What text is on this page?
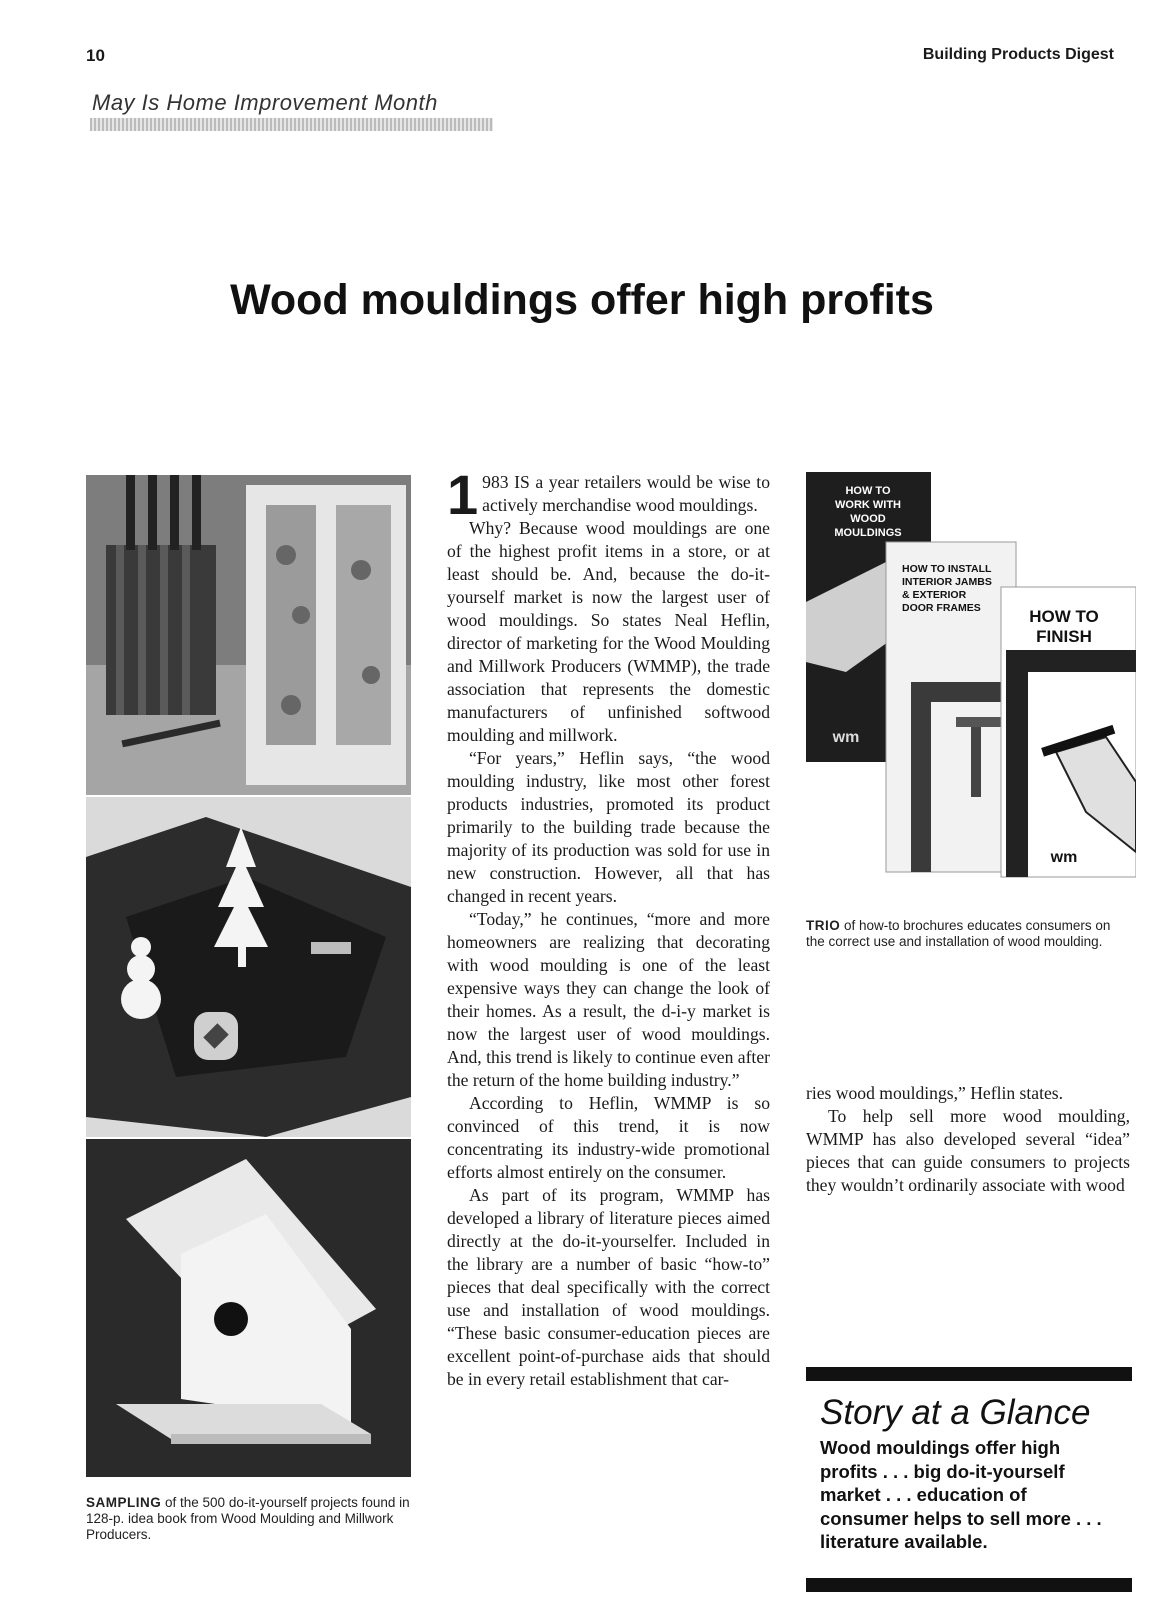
10	Building Products Digest
May Is Home Improvement Month
Wood mouldings offer high profits
SAMPLING of the 500 do-it-yourself projects found in 128-p. idea book from Wood Moulding and Millwork Producers.

1 983 IS a year retailers would be wise to actively merchandise wood mouldings.

Why? Because wood mouldings are one of the highest profit items in a store, or at least should be. And, because the do-it-yourself market is now the largest user of wood mouldings. So states Neal Heflin, director of marketing for the Wood Moulding and Millwork Producers (WMMP), the trade association that represents the domestic manufacturers of unfinished softwood moulding and millwork.

“For years,” Heflin says, “the wood moulding industry, like most other forest products industries, promoted its product primarily to the building trade because the majority of its production was sold for use in new construction. However, all that has changed in recent years.

“Today,” he continues, “more and more homeowners are realizing that decorating with wood moulding is one of the least expensive ways they can change the look of their homes. As a result, the d-i-y market is now the largest user of wood mouldings. And, this trend is likely to continue even after the return of the home building industry.”

According to Heflin, WMMP is so convinced of this trend, it is now concentrating its industry-wide promotional efforts almost entirely on the consumer.

As part of its program, WMMP has developed a library of literature pieces aimed directly at the do-it-yourselfer. Included in the library are a number of basic “how-to” pieces that deal specifically with the correct use and installation of wood mouldings. “These basic consumer-education pieces are excellent point-of-purchase aids that should be in every retail establishment that car-

HOW TO
WORK WITH
WOOD
MOULDINGS
wm
HOW TO INSTALL
INTERIOR JAMBS
& EXTERIOR
DOOR FRAMES	HOW TO
FINISH
WOOD
MOULDINGS
wm
TRIO of how-to brochures educates consumers on the correct use and installation of wood moulding.

ries wood mouldings,” Heflin states.

To help sell more wood moulding, WMMP has also developed several “idea” pieces that can guide consumers to projects they wouldn’t ordinarily associate with wood

Story at a Glance
Wood mouldings offer high profits . . . big do-it-yourself market . . . education of consumer helps to sell more . . . literature available.
